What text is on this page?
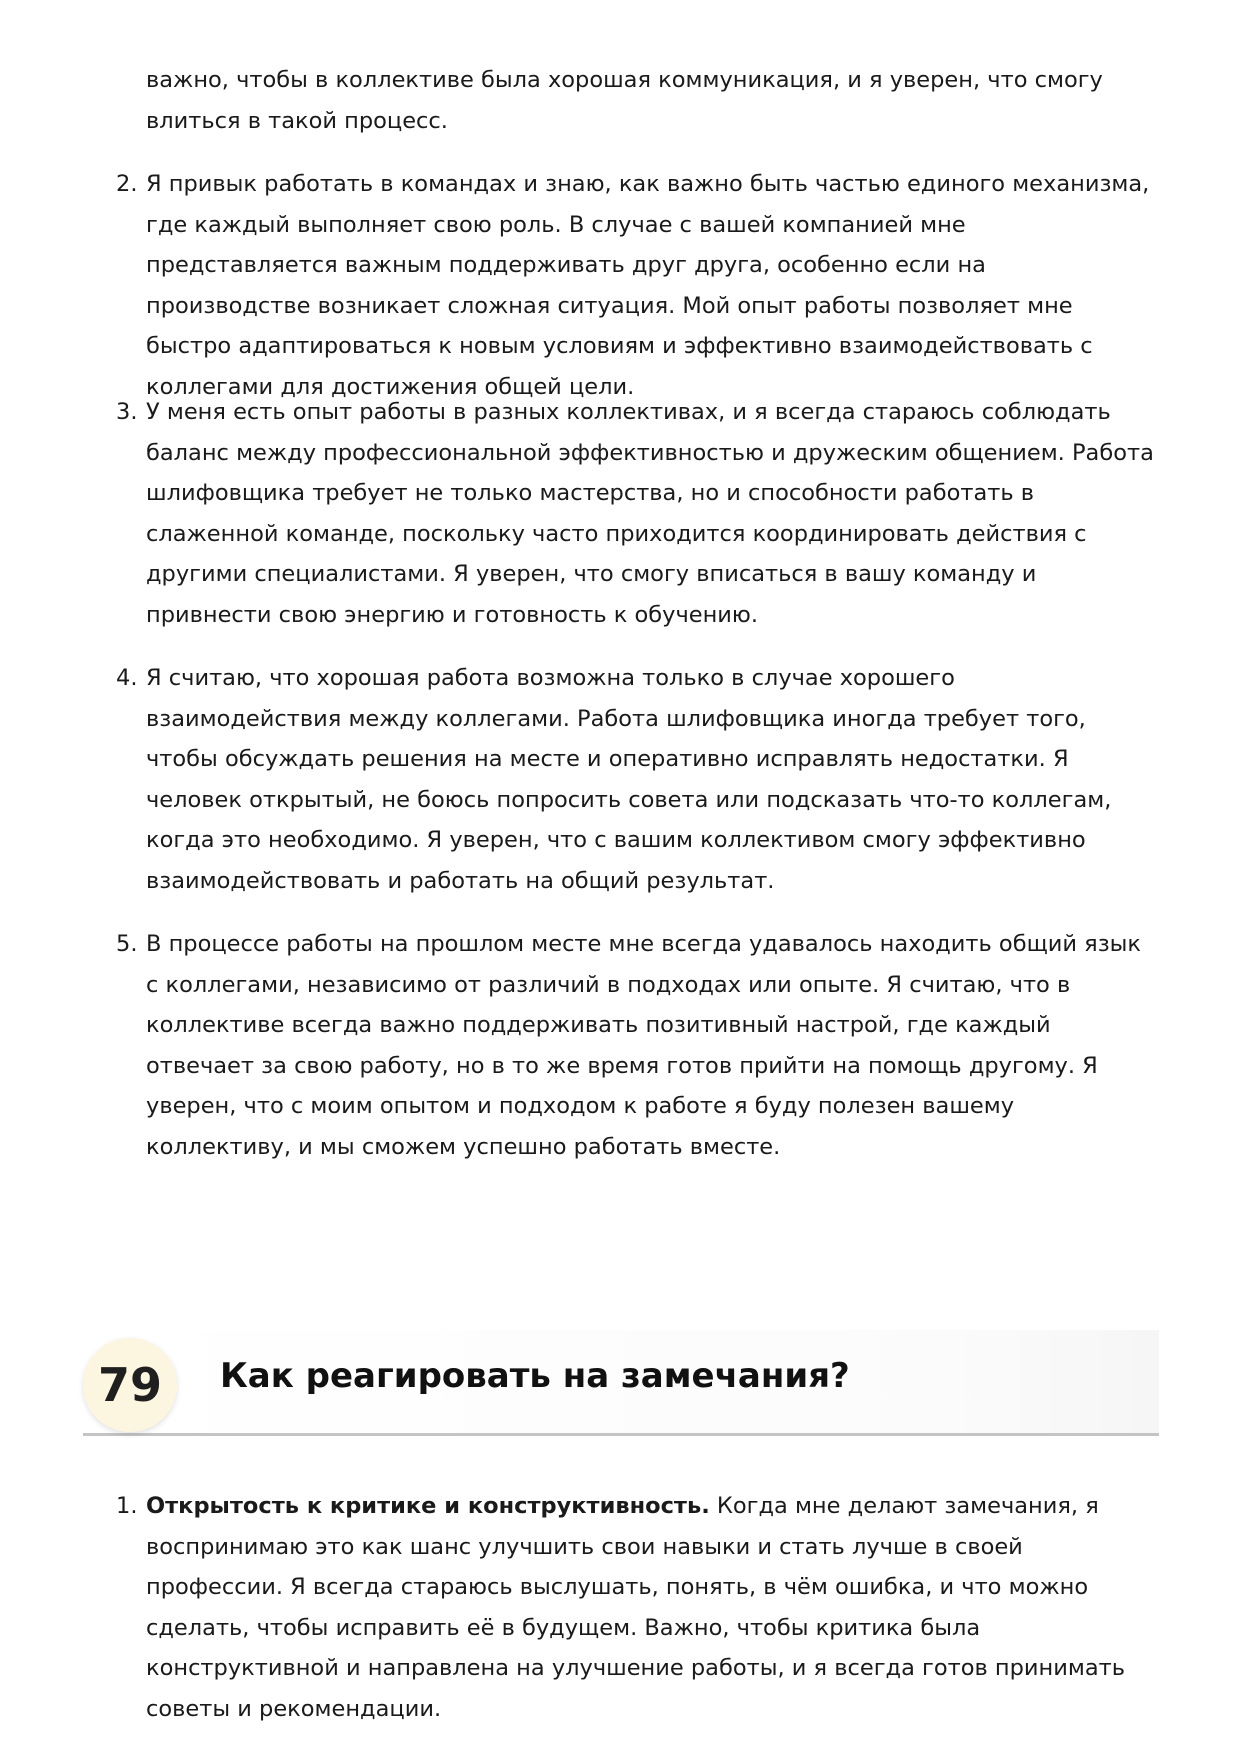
важно, чтобы в коллективе была хорошая коммуникация, и я уверен, что смогу влиться в такой процесс.

2. Я привык работать в командах и знаю, как важно быть частью единого механизма, где каждый выполняет свою роль. В случае с вашей компанией мне представляется важным поддерживать друг друга, особенно если на производстве возникает сложная ситуация. Мой опыт работы позволяет мне быстро адаптироваться к новым условиям и эффективно взаимодействовать с коллегами для достижения общей цели.

3. У меня есть опыт работы в разных коллективах, и я всегда стараюсь соблюдать баланс между профессиональной эффективностью и дружеским общением. Работа шлифовщика требует не только мастерства, но и способности работать в слаженной команде, поскольку часто приходится координировать действия с другими специалистами. Я уверен, что смогу вписаться в вашу команду и привнести свою энергию и готовность к обучению.

4. Я считаю, что хорошая работа возможна только в случае хорошего взаимодействия между коллегами. Работа шлифовщика иногда требует того, чтобы обсуждать решения на месте и оперативно исправлять недостатки. Я человек открытый, не боюсь попросить совета или подсказать что-то коллегам, когда это необходимо. Я уверен, что с вашим коллективом смогу эффективно взаимодействовать и работать на общий результат.

5. В процессе работы на прошлом месте мне всегда удавалось находить общий язык с коллегами, независимо от различий в подходах или опыте. Я считаю, что в коллективе всегда важно поддерживать позитивный настрой, где каждый отвечает за свою работу, но в то же время готов прийти на помощь другому. Я уверен, что с моим опытом и подходом к работе я буду полезен вашему коллективу, и мы сможем успешно работать вместе.

79	Как реагировать на замечания?

1. Открытость к критике и конструктивность. Когда мне делают замечания, я воспринимаю это как шанс улучшить свои навыки и стать лучше в своей профессии. Я всегда стараюсь выслушать, понять, в чём ошибка, и что можно сделать, чтобы исправить её в будущем. Важно, чтобы критика была конструктивной и направлена на улучшение работы, и я всегда готов принимать советы и рекомендации.
